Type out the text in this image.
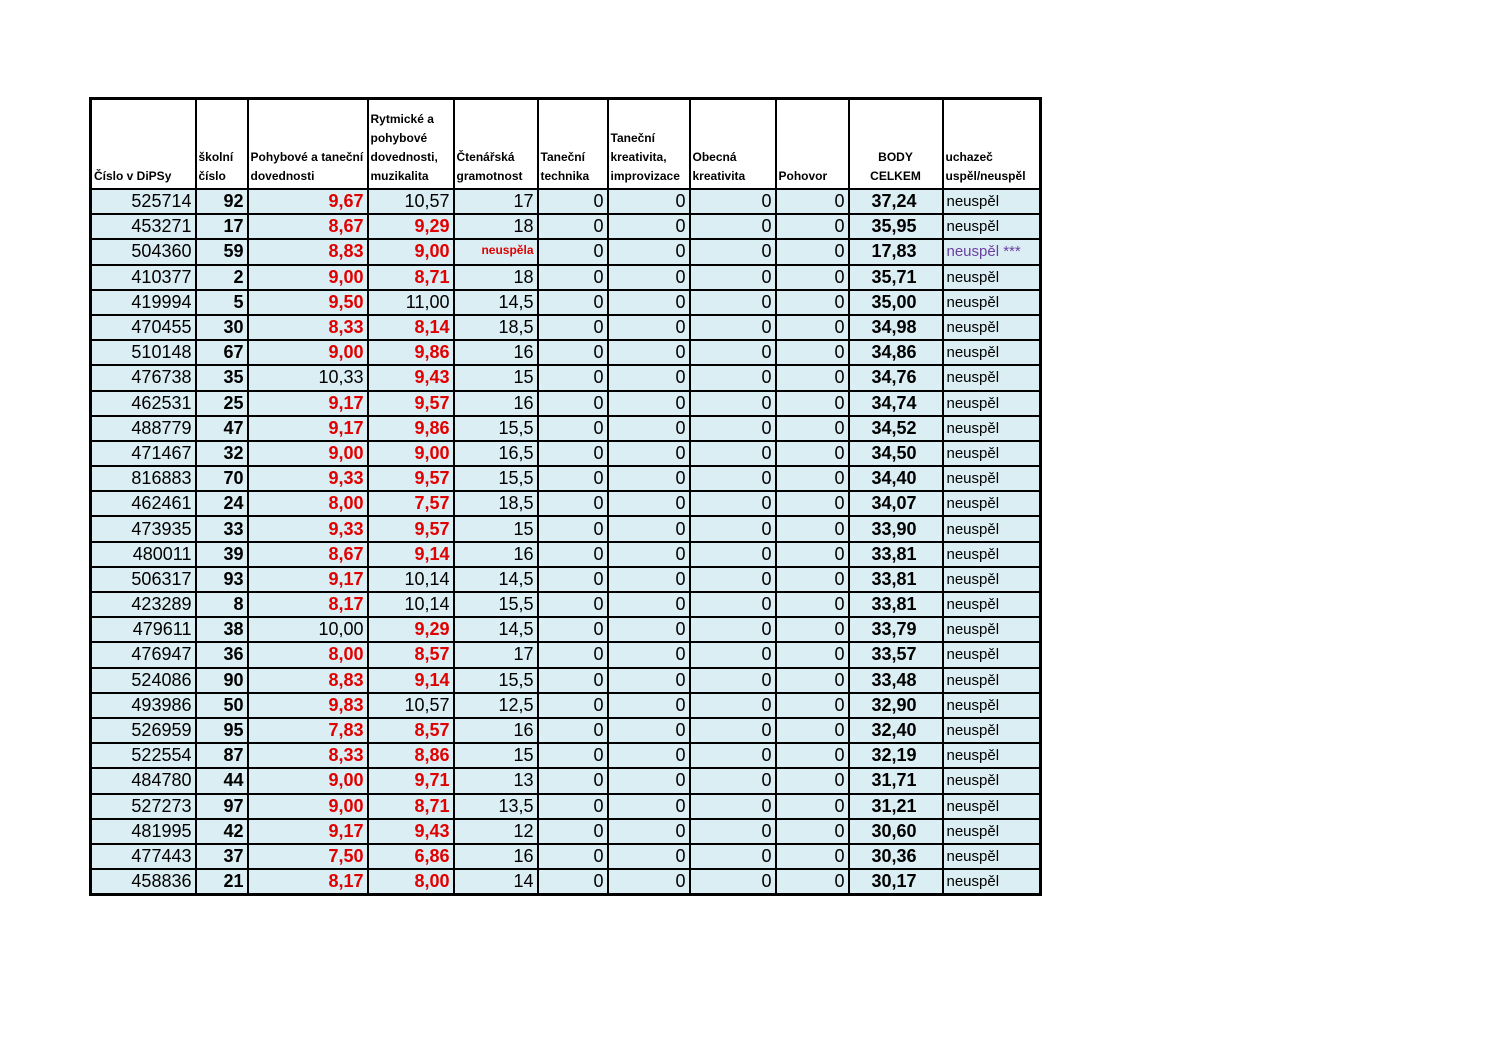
Číslo v DiPSy	školní číslo	Pohybové a taneční dovednosti	Rytmické a pohybové dovednosti, muzikalita	Čtenářská gramotnost	Taneční technika	Taneční kreativita, improvizace	Obecná kreativita	Pohovor	BODY CELKEM	uchazeč uspěl/neuspěl
525714	92	9,67	10,57	17	0	0	0	0	37,24	neuspěl
453271	17	8,67	9,29	18	0	0	0	0	35,95	neuspěl
504360	59	8,83	9,00	neuspěla	0	0	0	0	17,83	neuspěl ***
410377	2	9,00	8,71	18	0	0	0	0	35,71	neuspěl
419994	5	9,50	11,00	14,5	0	0	0	0	35,00	neuspěl
470455	30	8,33	8,14	18,5	0	0	0	0	34,98	neuspěl
510148	67	9,00	9,86	16	0	0	0	0	34,86	neuspěl
476738	35	10,33	9,43	15	0	0	0	0	34,76	neuspěl
462531	25	9,17	9,57	16	0	0	0	0	34,74	neuspěl
488779	47	9,17	9,86	15,5	0	0	0	0	34,52	neuspěl
471467	32	9,00	9,00	16,5	0	0	0	0	34,50	neuspěl
816883	70	9,33	9,57	15,5	0	0	0	0	34,40	neuspěl
462461	24	8,00	7,57	18,5	0	0	0	0	34,07	neuspěl
473935	33	9,33	9,57	15	0	0	0	0	33,90	neuspěl
480011	39	8,67	9,14	16	0	0	0	0	33,81	neuspěl
506317	93	9,17	10,14	14,5	0	0	0	0	33,81	neuspěl
423289	8	8,17	10,14	15,5	0	0	0	0	33,81	neuspěl
479611	38	10,00	9,29	14,5	0	0	0	0	33,79	neuspěl
476947	36	8,00	8,57	17	0	0	0	0	33,57	neuspěl
524086	90	8,83	9,14	15,5	0	0	0	0	33,48	neuspěl
493986	50	9,83	10,57	12,5	0	0	0	0	32,90	neuspěl
526959	95	7,83	8,57	16	0	0	0	0	32,40	neuspěl
522554	87	8,33	8,86	15	0	0	0	0	32,19	neuspěl
484780	44	9,00	9,71	13	0	0	0	0	31,71	neuspěl
527273	97	9,00	8,71	13,5	0	0	0	0	31,21	neuspěl
481995	42	9,17	9,43	12	0	0	0	0	30,60	neuspěl
477443	37	7,50	6,86	16	0	0	0	0	30,36	neuspěl
458836	21	8,17	8,00	14	0	0	0	0	30,17	neuspěl
